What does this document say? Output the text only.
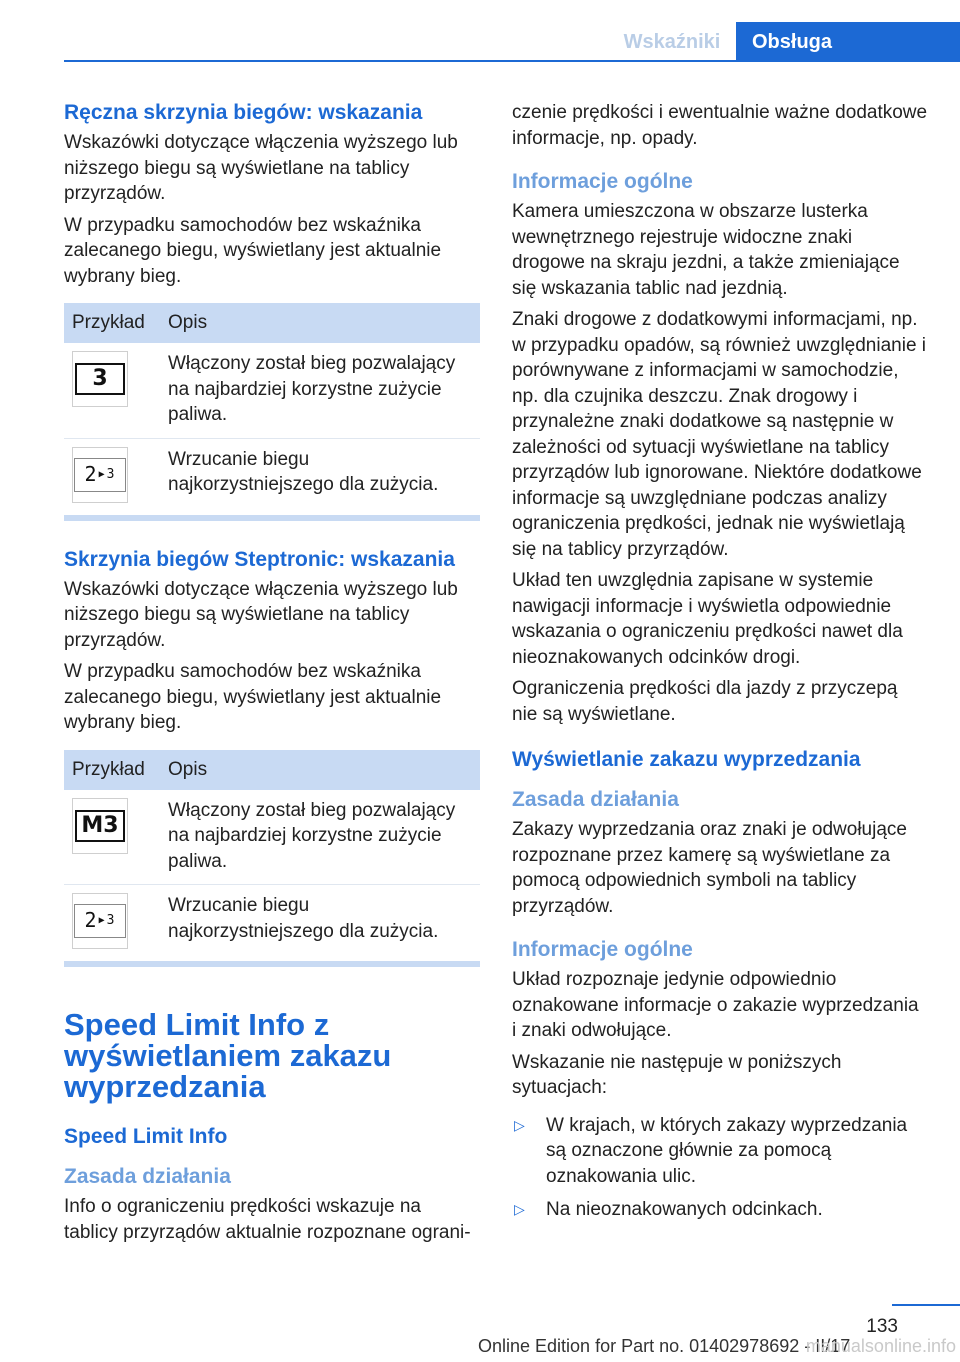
Wskaźniki	Obsługa
Ręczna skrzynia biegów: wskazania

Wskazówki dotyczące włączenia wyższego lub niższego biegu są wyświetlane na tablicy przyrządów.

W przypadku samochodów bez wskaźnika zalecanego biegu, wyświetlany jest aktualnie wybrany bieg.

Przykład	Opis

3	Włączony został bieg pozwalający na najbardziej korzystne zużycie paliwa.

2 ▶ 3	Wrzucanie biegu najkorzystniejszego dla zużycia.
Skrzynia biegów Steptronic: wskazania

Wskazówki dotyczące włączenia wyższego lub niższego biegu są wyświetlane na tablicy przyrządów.

W przypadku samochodów bez wskaźnika zalecanego biegu, wyświetlany jest aktualnie wybrany bieg.

Przykład	Opis

M3	Włączony został bieg pozwalający na najbardziej korzystne zużycie paliwa.

2 ▶ 3	Wrzucanie biegu najkorzystniejszego dla zużycia.
Speed Limit Info z wyświetlaniem zakazu wyprzedzania
Speed Limit Info
Zasada działania

Info o ograniczeniu prędkości wskazuje na tablicy przyrządów aktualnie rozpoznane ograni-

czenie prędkości i ewentualnie ważne dodatkowe informacje, np. opady.

Informacje ogólne

Kamera umieszczona w obszarze lusterka wewnętrznego rejestruje widoczne znaki drogowe na skraju jezdni, a także zmieniające się wskazania tablic nad jezdnią.

Znaki drogowe z dodatkowymi informacjami, np. w przypadku opadów, są również uwzględnianie i porównywane z informacjami w samochodzie, np. dla czujnika deszczu. Znak drogowy i przynależne znaki dodatkowe są następnie w zależności od sytuacji wyświetlane na tablicy przyrządów lub ignorowane. Niektóre dodatkowe informacje są uwzględniane podczas analizy ograniczenia prędkości, jednak nie wyświetlają się na tablicy przyrządów.

Układ ten uwzględnia zapisane w systemie nawigacji informacje i wyświetla odpowiednie wskazania o ograniczeniu prędkości nawet dla nieoznakowanych odcinków drogi.

Ograniczenia prędkości dla jazdy z przyczepą nie są wyświetlane.

Wyświetlanie zakazu wyprzedzania
Zasada działania

Zakazy wyprzedzania oraz znaki je odwołujące rozpoznane przez kamerę są wyświetlane za pomocą odpowiednich symboli na tablicy przyrządów.

Informacje ogólne

Układ rozpoznaje jedynie odpowiednio oznakowane informacje o zakazie wyprzedzania i znaki odwołujące.

Wskazanie nie następuje w poniższych sytuacjach:

▷ W krajach, w których zakazy wyprzedzania są oznaczone głównie za pomocą oznakowania ulic.
▷ Na nieoznakowanych odcinkach.
133
Online Edition for Part no. 01402978692 - II/17
manualsonline.info
